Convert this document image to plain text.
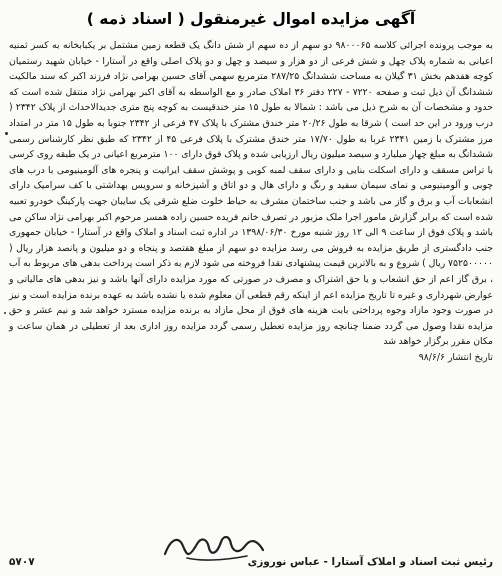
آگهی مزایده اموال غیرمنقول ( اسناد ذمه )

به موجب پرونده اجرائی کلاسه ۹۸۰۰۰۶۵ دو سهم از ده سهم از شش دانگ یک قطعه زمین مشتمل بر یکبابخانه به کسر ثمنیه اعیانی به شماره پلاک چهل و شش فرعی از دو هزار و سیصد و چهل و دو پلاک اصلی واقع در آستارا - خیابان شهید رستمیان کوچه هفدهم بخش ۳۱ گیلان به مساحت ششدانگ ۲۸۷/۲۵ مترمربع سهمی آقای حسین بهرامی نژاد فرزند اکبر که سند مالکیت ششدانگ آن ذیل ثبت و صفحه ۷۲۲۰ - ۲۲۷ دفتر ۳۶ املاک صادر و مع الواسطه به آقای اکبر بهرامی نژاد منتقل شده است که حدود و مشخصات آن به شرح ذیل می باشد : شمالا به طول ۱۵ متر خندقیست به کوچه پنج متری جدیدالاحداث از پلاک ۲۳۴۲ ( درب ورود در این حد است ) شرقا به طول ۲۰/۲۶ متر خندق مشترک با پلاک ۴۷ فرعی از ۲۳۴۲ جنوبا به طول ۱۵ متر در امتداد مرز مشترک با زمین ۲۳۴۱ غربا به طول ۱۷/۷۰ متر خندق مشترک با پلاک فرعی ۴۵ از ۲۳۴۲ که طبق نظر کارشناس رسمی ششدانگ به مبلغ چهار میلیارد و سیصد میلیون ریال ارزیابی شده و پلاک فوق دارای ۱۰۰ مترمربع اعیانی در یک طبقه روی کرسی با تراس مسقف و دارای اسکلت بنایی و دارای سقف لمبه کوبی و پوشش سقف ایرانیت و پنجره های آلومینیومی با درب های چوبی و آلومینیومی و نمای سیمان سفید و رنگ و دارای هال و دو اتاق و آشپزخانه و سرویس بهداشتی با کف سرامیک دارای انشعابات آب و برق و گاز می باشد و جنب ساختمان مشرف به حیاط خلوت ضلع شرقی یک سایبان جهت پارکینگ خودرو تعبیه شده است که برابر گزارش مامور اجرا ملک مزبور در تصرف خانم فریده حسین زاده همسر مرحوم اکبر بهرامی نژاد ساکن می باشد و پلاک فوق از ساعت ۹ الی ۱۲ روز شنبه مورخ ۱۳۹۸/۰۶/۳۰ در اداره ثبت اسناد و املاک واقع در آستارا - خیابان جمهوری جنب دادگستری از طریق مزایده به فروش می رسد مزایده دو سهم از مبلغ هفتصد و پنجاه و دو میلیون و پانصد هزار ریال ( ۷۵۲۵۰۰۰۰۰ ریال ) شروع و به بالاترین قیمت پیشنهادی نقدا فروخته می شود لازم به ذکر است پرداخت بدهی های مربوط به آب ، برق گاز اعم از حق انشعاب و یا حق اشتراک و مصرف در صورتی که مورد مزایده دارای آنها باشد و نیز بدهی های مالیاتی و عوارض شهرداری و غیره تا تاریخ مزایده اعم از اینکه رقم قطعی آن معلوم شده یا نشده باشد به عهده برنده مزایده است و نیز در صورت وجود مازاد وجوه پرداختی بابت هزینه های فوق از محل مازاد به برنده مزایده مسترد خواهد شد و نیم عشر و حق مزایده نقدا وصول می گردد ضمنا چنانچه روز مزایده تعطیل رسمی گردد مزایده روز اداری بعد از تعطیلی در همان ساعت و مکان مقرر برگزار خواهد شد

تاریخ انتشار ۹۸/۶/۶

رئیس ثبت اسناد و املاک آستارا - عباس نوروزی
۵۷۰۷
